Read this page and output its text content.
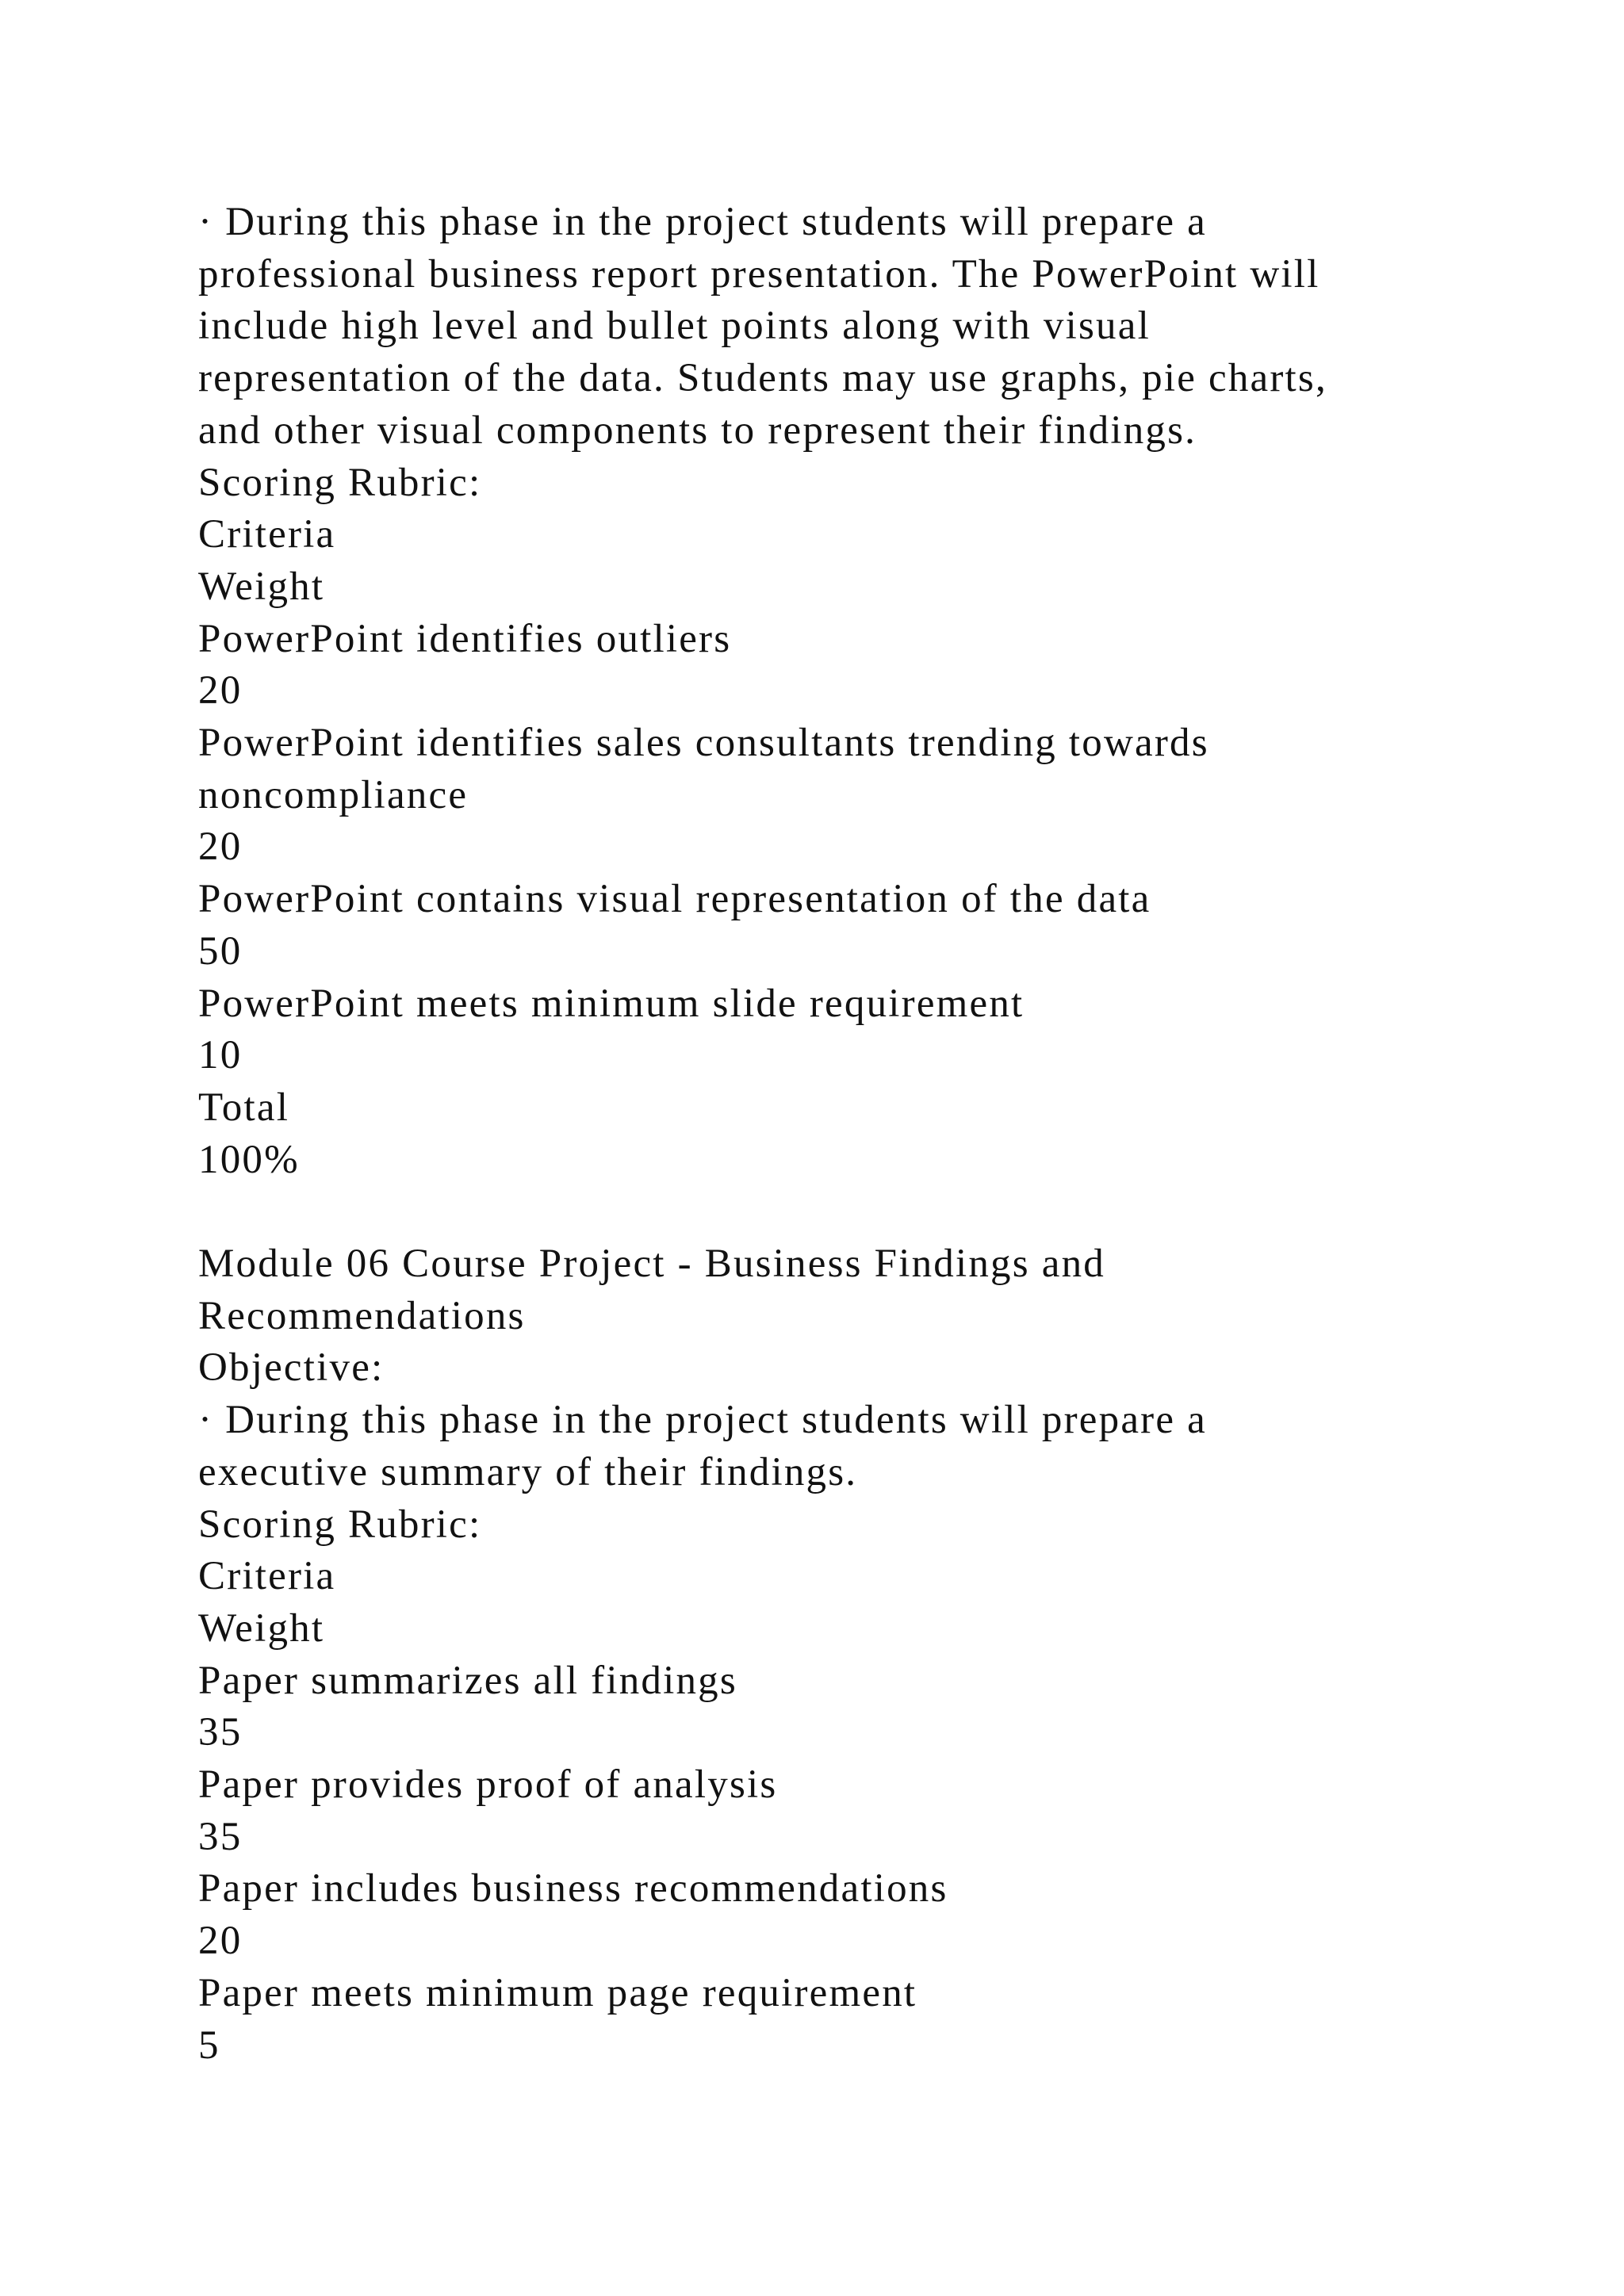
· During this phase in the project students will prepare a
professional business report presentation. The PowerPoint will
include high level and bullet points along with visual
representation of the data. Students may use graphs, pie charts,
and other visual components to represent their findings.
Scoring Rubric:
Criteria
Weight
PowerPoint identifies outliers
20
PowerPoint identifies sales consultants trending towards
noncompliance
20
PowerPoint contains visual representation of the data
50
PowerPoint meets minimum slide requirement
10
Total
100%
Module 06 Course Project - Business Findings and
Recommendations
Objective:
· During this phase in the project students will prepare a
executive summary of their findings.
Scoring Rubric:
Criteria
Weight
Paper summarizes all findings
35
Paper provides proof of analysis
35
Paper includes business recommendations
20
Paper meets minimum page requirement
5
